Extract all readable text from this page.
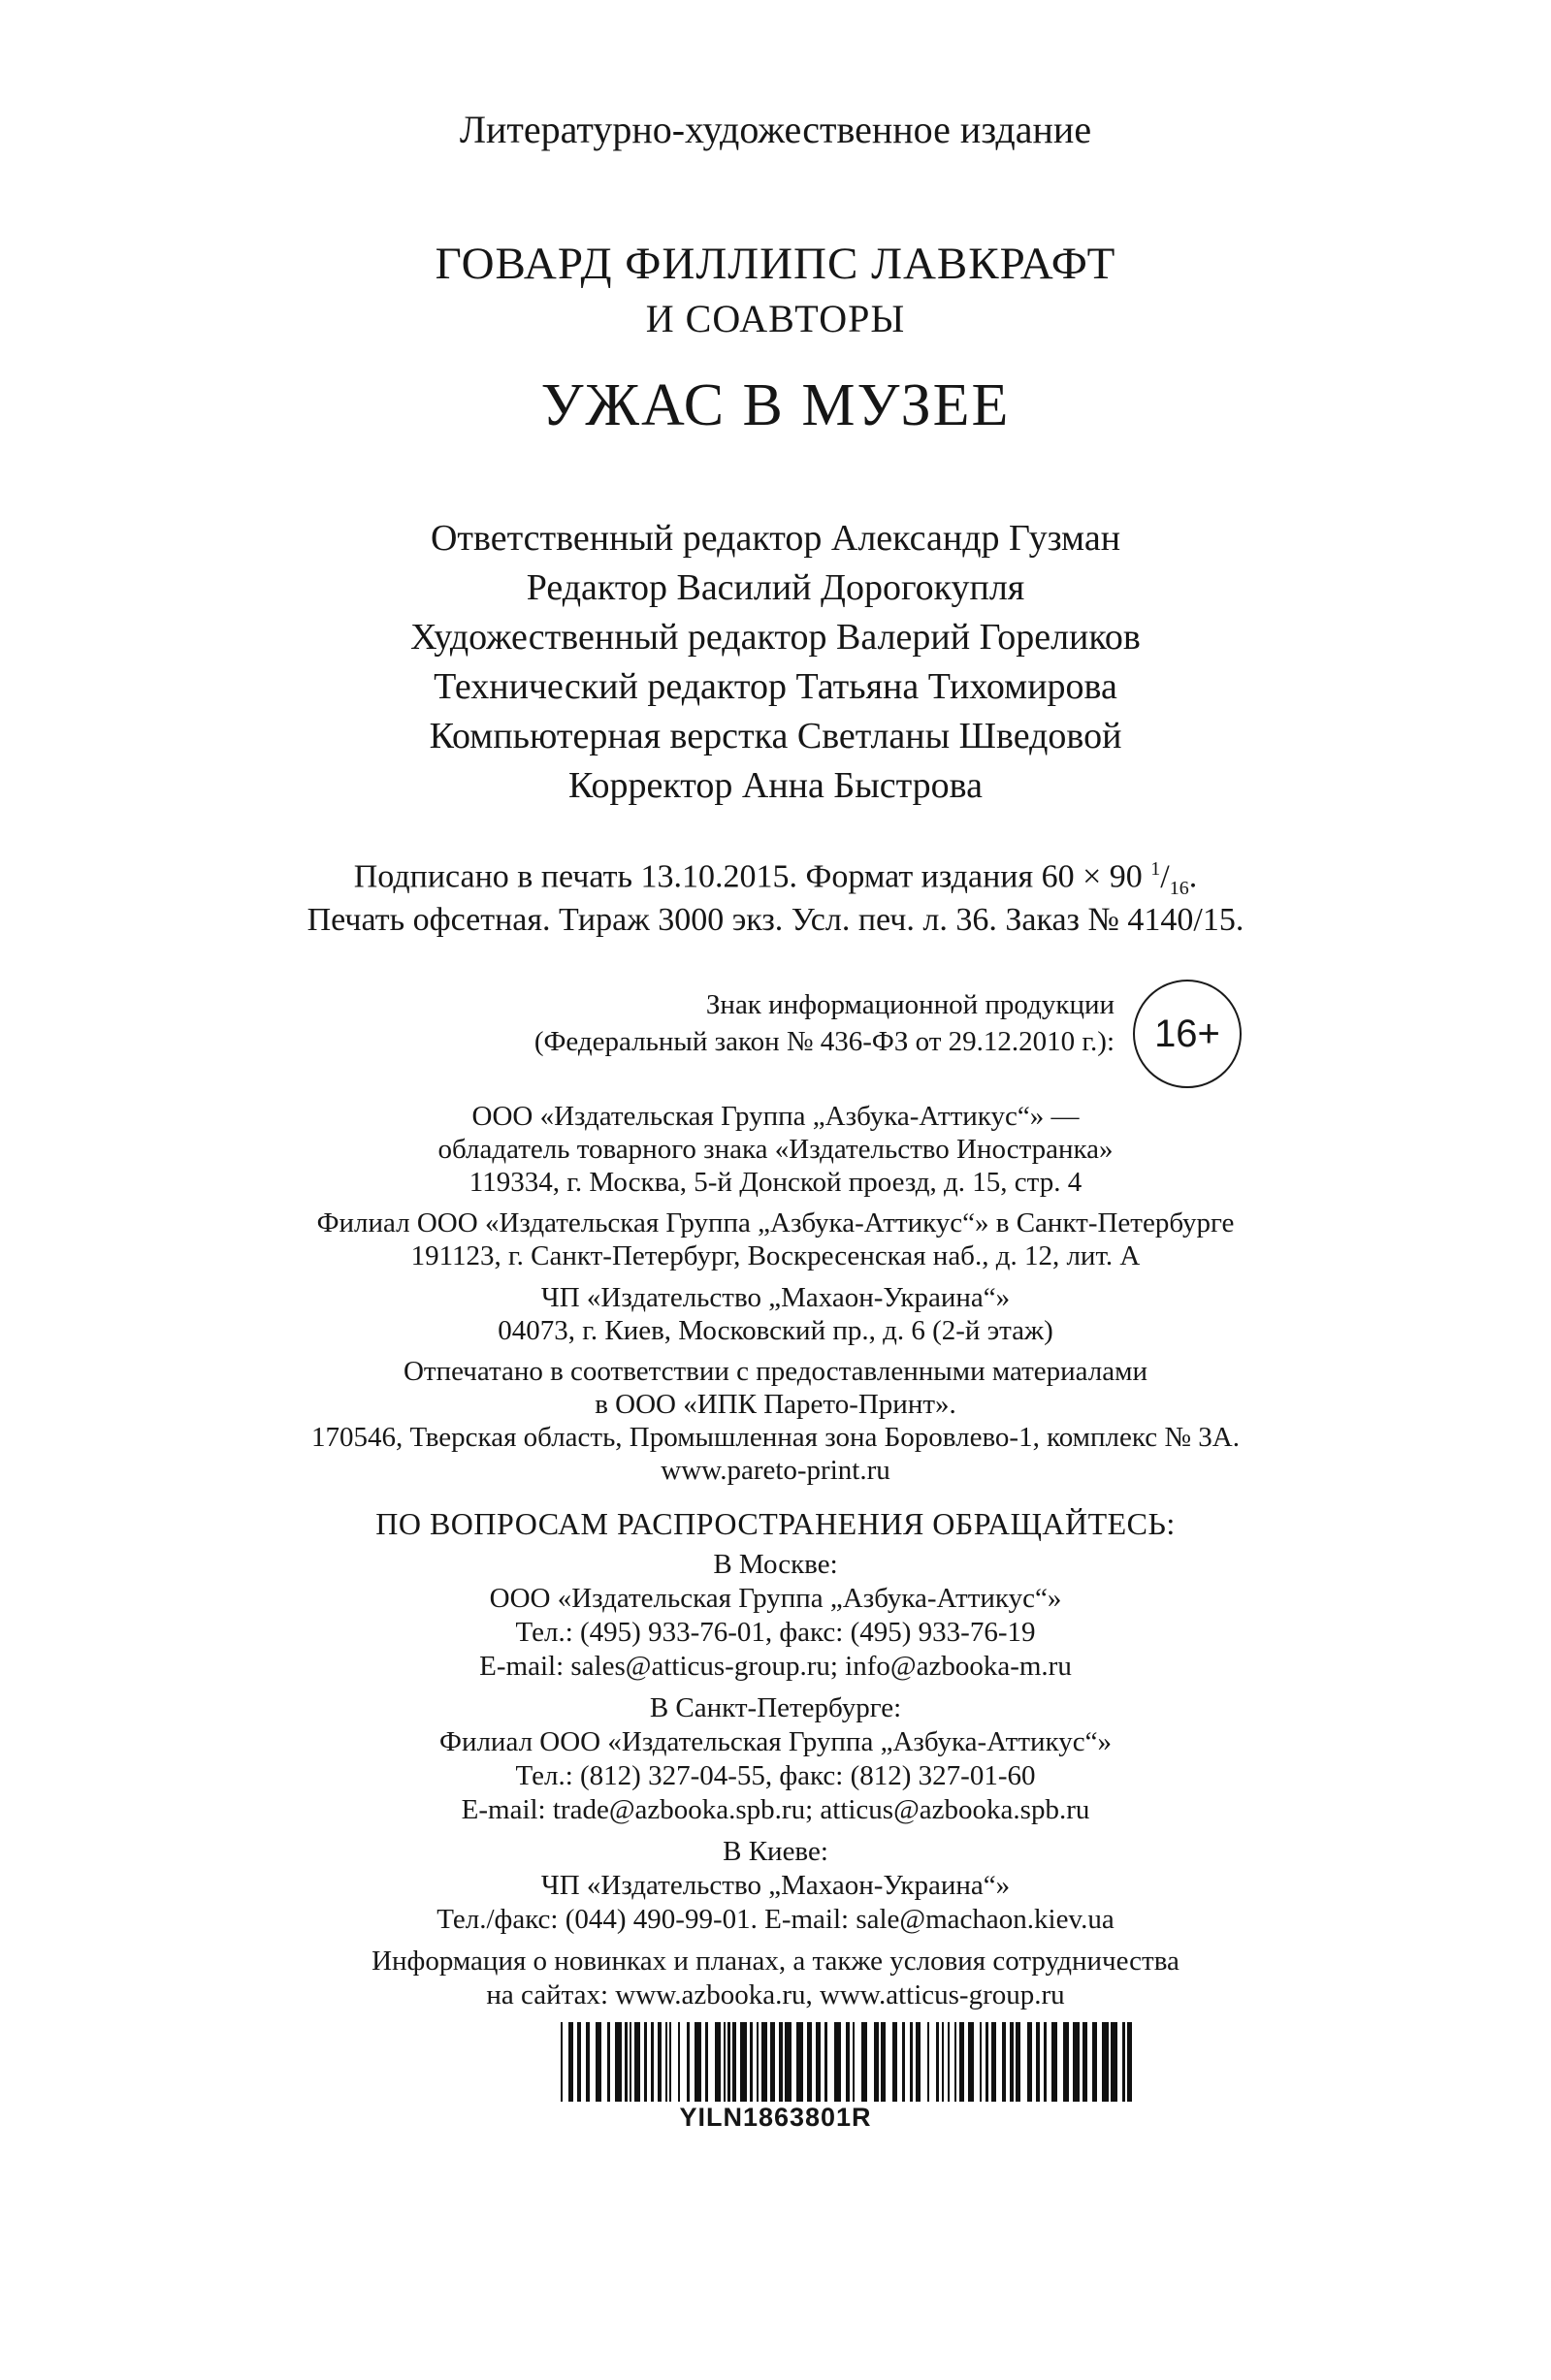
Литературно-художественное издание
ГОВАРД ФИЛЛИПС ЛАВКРАФТ
И СОАВТОРЫ
УЖАС В МУЗЕЕ
Ответственный редактор Александр Гузман
Редактор Василий Дорогокупля
Художественный редактор Валерий Гореликов
Технический редактор Татьяна Тихомирова
Компьютерная верстка Светланы Шведовой
Корректор Анна Быстрова
Подписано в печать 13.10.2015. Формат издания 60 × 90 $^1/_{16}$.
Печать офсетная. Тираж 3000 экз. Усл. печ. л. 36. Заказ № 4140/15.
Знак информационной продукции
(Федеральный закон № 436-ФЗ от 29.12.2010 г.):	16+
ООО «Издательская Группа „Азбука-Аттикус“» —
обладатель товарного знака «Издательство Иностранка»
119334, г. Москва, 5-й Донской проезд, д. 15, стр. 4
Филиал ООО «Издательская Группа „Азбука-Аттикус“» в Санкт-Петербурге
191123, г. Санкт-Петербург, Воскресенская наб., д. 12, лит. А
ЧП «Издательство „Махаон-Украина“»
04073, г. Киев, Московский пр., д. 6 (2-й этаж)
Отпечатано в соответствии с предоставленными материалами
в ООО «ИПК Парето-Принт».
170546, Тверская область, Промышленная зона Боровлево-1, комплекс № 3А.
www.pareto-print.ru
ПО ВОПРОСАМ РАСПРОСТРАНЕНИЯ ОБРАЩАЙТЕСЬ:
В Москве:
ООО «Издательская Группа „Азбука-Аттикус“»
Тел.: (495) 933-76-01, факс: (495) 933-76-19
E-mail: sales@atticus-group.ru; info@azbooka-m.ru
В Санкт-Петербурге:
Филиал ООО «Издательская Группа „Азбука-Аттикус“»
Тел.: (812) 327-04-55, факс: (812) 327-01-60
E-mail: trade@azbooka.spb.ru; atticus@azbooka.spb.ru
В Киеве:
ЧП «Издательство „Махаон-Украина“»
Тел./факс: (044) 490-99-01. E-mail: sale@machaon.kiev.ua
Информация о новинках и планах, а также условия сотрудничества
на сайтах: www.azbooka.ru, www.atticus-group.ru
YILN1863801R
